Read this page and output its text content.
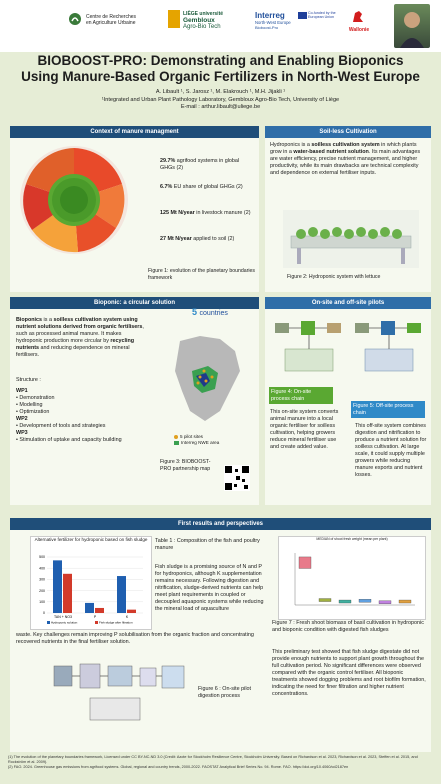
Centre de Recherches
en Agriculture Urbaine
LIÈGE université
Gembloux
Agro-Bio Tech
Interreg
North-West Europe
Bioboost-Pro
Co-funded by the European Union
Wallonie
BIOBOOST-PRO: Demonstrating and Enabling Bioponics
Using Manure-Based Organic Fertilizers in North-West Europe
A. Libault ¹, S. Jarosz ¹, M. Elakrouch ¹, M.H. Jijakli ¹
¹Integrated and Urban Plant Pathology Laboratory, Gembloux Agro-Bio Tech, University of Liège
E-mail : arthur.libault@uliege.be
Context of manure managment
29.7% agrifood systems in global GHGs (2)
6.7% EU share of global GHGs (2)
125 Mt N/year in livestock manure (2)
27 Mt N/year applied to soil (2)
Figure 1: evolution of the planetary boundaries framework
Soil-less Cultivation
Hydroponics is a soilless cultivation system in which plants grow in a water-based nutrient solution. Its main advantages are water efficiency, precise nutrient management, and higher productivity, while its main drawbacks are technical complexity and dependence on external fertiliser inputs.
Figure 2: Hydroponic system with lettuce
Bioponic: a circular solution
Bioponics is a soilless cultivation system using nutrient solutions derived from organic fertilisers, such as processed animal manure. It makes hydroponic production more circular by recycling nutrients and reducing dependence on mineral fertilisers.
Structure :
WP1
• Demonstration
• Modelling
• Optimization
WP2
• Development of tools and strategies
WP3
• Stimulation of uptake and capacity building
5 countries
5 pilot sites
Interreg NWE area
Figure 3: BIOBOOST-PRO partnership map
On-site and off-site pilots
Figure 4: On-site process chain
Figure 5: Off-site process chain
This on-site system converts animal manure into a local organic fertiliser for soilless cultivation, helping growers reduce mineral fertiliser use and create added value.
This off-site system combines digestion and nitrification to produce a nutrient solution for soilless cultivation. At large scale, it could supply multiple growers while reducing manure exports and nutrient losses.
First results and perspectives
Alternative fertilizer for hydroponic based on fish sludge
0
100
200
300
400
500
TAN + NO3	P	K
Hydroponic solution	Fish sludge after filtration
Table 1 : Composition of the fish and poultry manure
Fish sludge is a promising source of N and P for hydroponics, although K supplementation remains necessary. Following digestion and nitrification, sludge-derived nutrients can help meet plant requirements in coupled or decoupled aquaponic systems while reducing the mineral load of aquaculture
waste. Key challenges remain improving P solubilisation from the organic fraction and concentrating recovered nutrients in the final fertiliser solution.
Figure 6 : On-site pilot digestion process
MEDIAN of shoot fresh weight (mean per plant)
Figure 7 : Fresh shoot biomass of basil cultivation in hydroponic and bioponic condition with digested fish sludges
This preliminary test showed that fish sludge digestate did not provide enough nutrients to support plant growth throughout the full cultivation period. No significant differences were observed compared with the organic control fertiliser. All bioponic treatments showed dogging problems and root biofilm formation, indicating the need for finer filtration and higher nutrient concentrations.
(1) The evolution of the planetary boundaries framework, Licensed under CC BY-NC-ND 3.0 (Credit: Azote for Stockholm Resilience Centre, Stockholm University. Based on Richardson et al. 2023, Richardson et al. 2023, Steffen et al. 2015, and Rockström et al. 2009).
(2) FAO. 2024. Greenhouse gas emissions from agrifood systems. Global, regional and country trends, 2000-2022. FAOSTAT Analytical Brief Series No. 94. Rome. FAO. https://doi.org/10.4060/cd2187en
